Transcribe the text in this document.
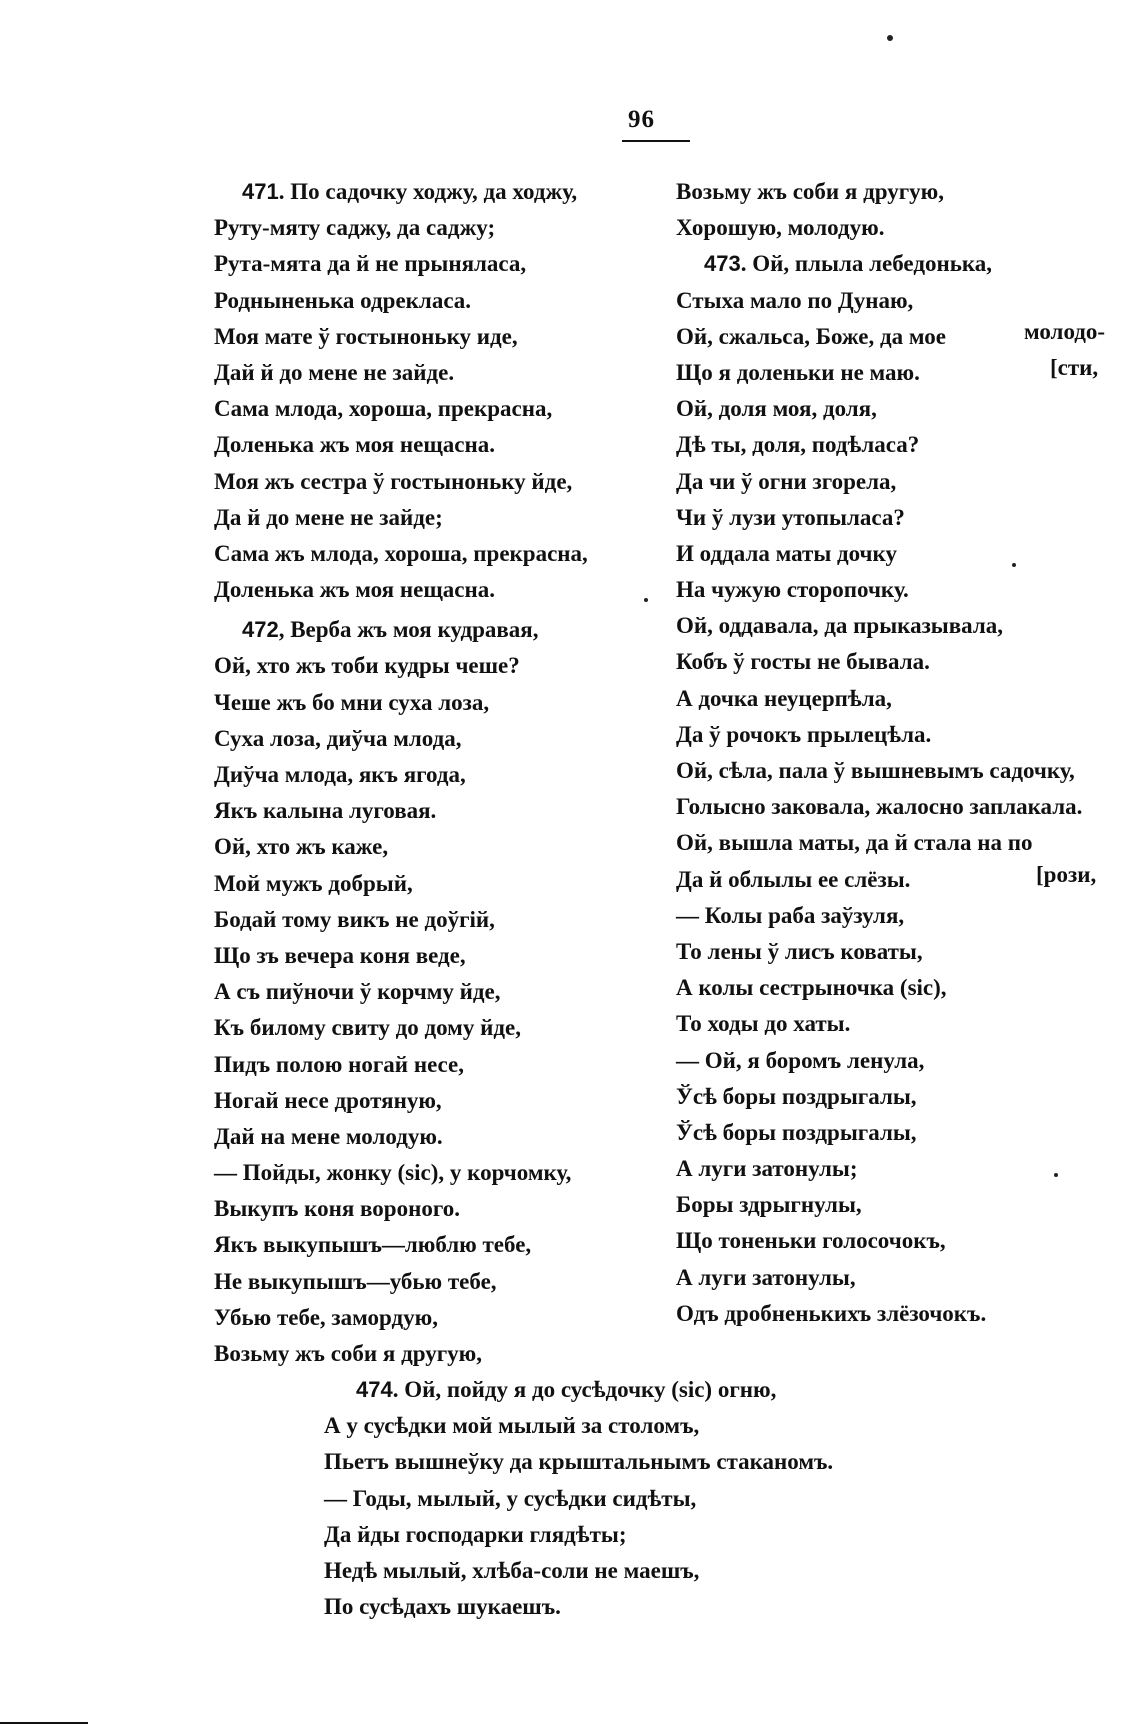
96
471. По садочку ходжу, да ходжу,
Руту-мяту саджу, да саджу;
Рута-мята да й не прыняласа,
Родныненька одрекласа.
Моя мате ў гостыноньку иде,
Дай й до мене не зайде.
Сама млода, хороша, прекрасна,
Доленька жъ моя нещасна.
Моя жъ сестра ў гостыноньку йде,
Да й до мене не зайде;
Сама жъ млода, хороша, прекрасна,
Доленька жъ моя нещасна.
472, Верба жъ моя кудравая,
Ой, хто жъ тоби кудры чеше?
Чеше жъ бо мни суха лоза,
Суха лоза, диўча млода,
Диўча млода, якъ ягода,
Якъ калына луговая.
Ой, хто жъ каже,
Мой мужъ добрый,
Бодай тому викъ не доўгій,
Що зъ вечера коня веде,
А съ пиўночи ў корчму йде,
Къ билому свиту до дому йде,
Пидъ полою ногай несе,
Ногай несе дротяную,
Дай на мене молодую.
— Пойды, жонку (sic), у корчомку,
Выкупъ коня вороного.
Якъ выкупышъ—люблю тебе,
Не выкупышъ—убью тебе,
Убью тебе, замордую,
Возьму жъ соби я другую,
Возьму жъ соби я другую,
Хорошую, молодую.
473. Ой, плыла лебедонька,
Стыха мало по Дунаю,
Ой, сжальса, Боже, да мое
Що я доленьки не маю.
Ой, доля моя, доля,
Дѣ ты, доля, подѣласа?
Да чи ў огни згорела,
Чи ў лузи утопыласа?
И оддала маты дочку
На чужую сторопочку.
Ой, оддавала, да прыказывала,
Кобъ ў госты не бывала.
А дочка неуцерпѣла,
Да ў рочокъ прылецѣла.
Ой, сѣла, пала ў вышневымъ садочку,
Голысно заковала, жалосно заплакала.
Ой, вышла маты, да й стала на по
Да й облылы ее слёзы.
— Колы раба заўзуля,
То лены ў лисъ коваты,
А колы сестрыночка (sic),
То ходы до хаты.
— Ой, я боромъ ленула,
Ўсѣ боры поздрыгалы,
Ўсѣ боры поздрыгалы,
А луги затонулы;
Боры здрыгнулы,
Що тоненьки голосочокъ,
А луги затонулы,
Одъ дробненькихъ злёзочокъ.
молодо-
[сти,
[рози,
474. Ой, пойду я до сусѣдочку (sic) огню,
А у сусѣдки мой мылый за столомъ,
Пьетъ вышнеўку да крыштальнымъ стаканомъ.
— Годы, мылый, у сусѣдки сидѣты,
Да йды господарки глядѣты;
Недѣ мылый, хлѣба-соли не маешъ,
По сусѣдахъ шукаешъ.
